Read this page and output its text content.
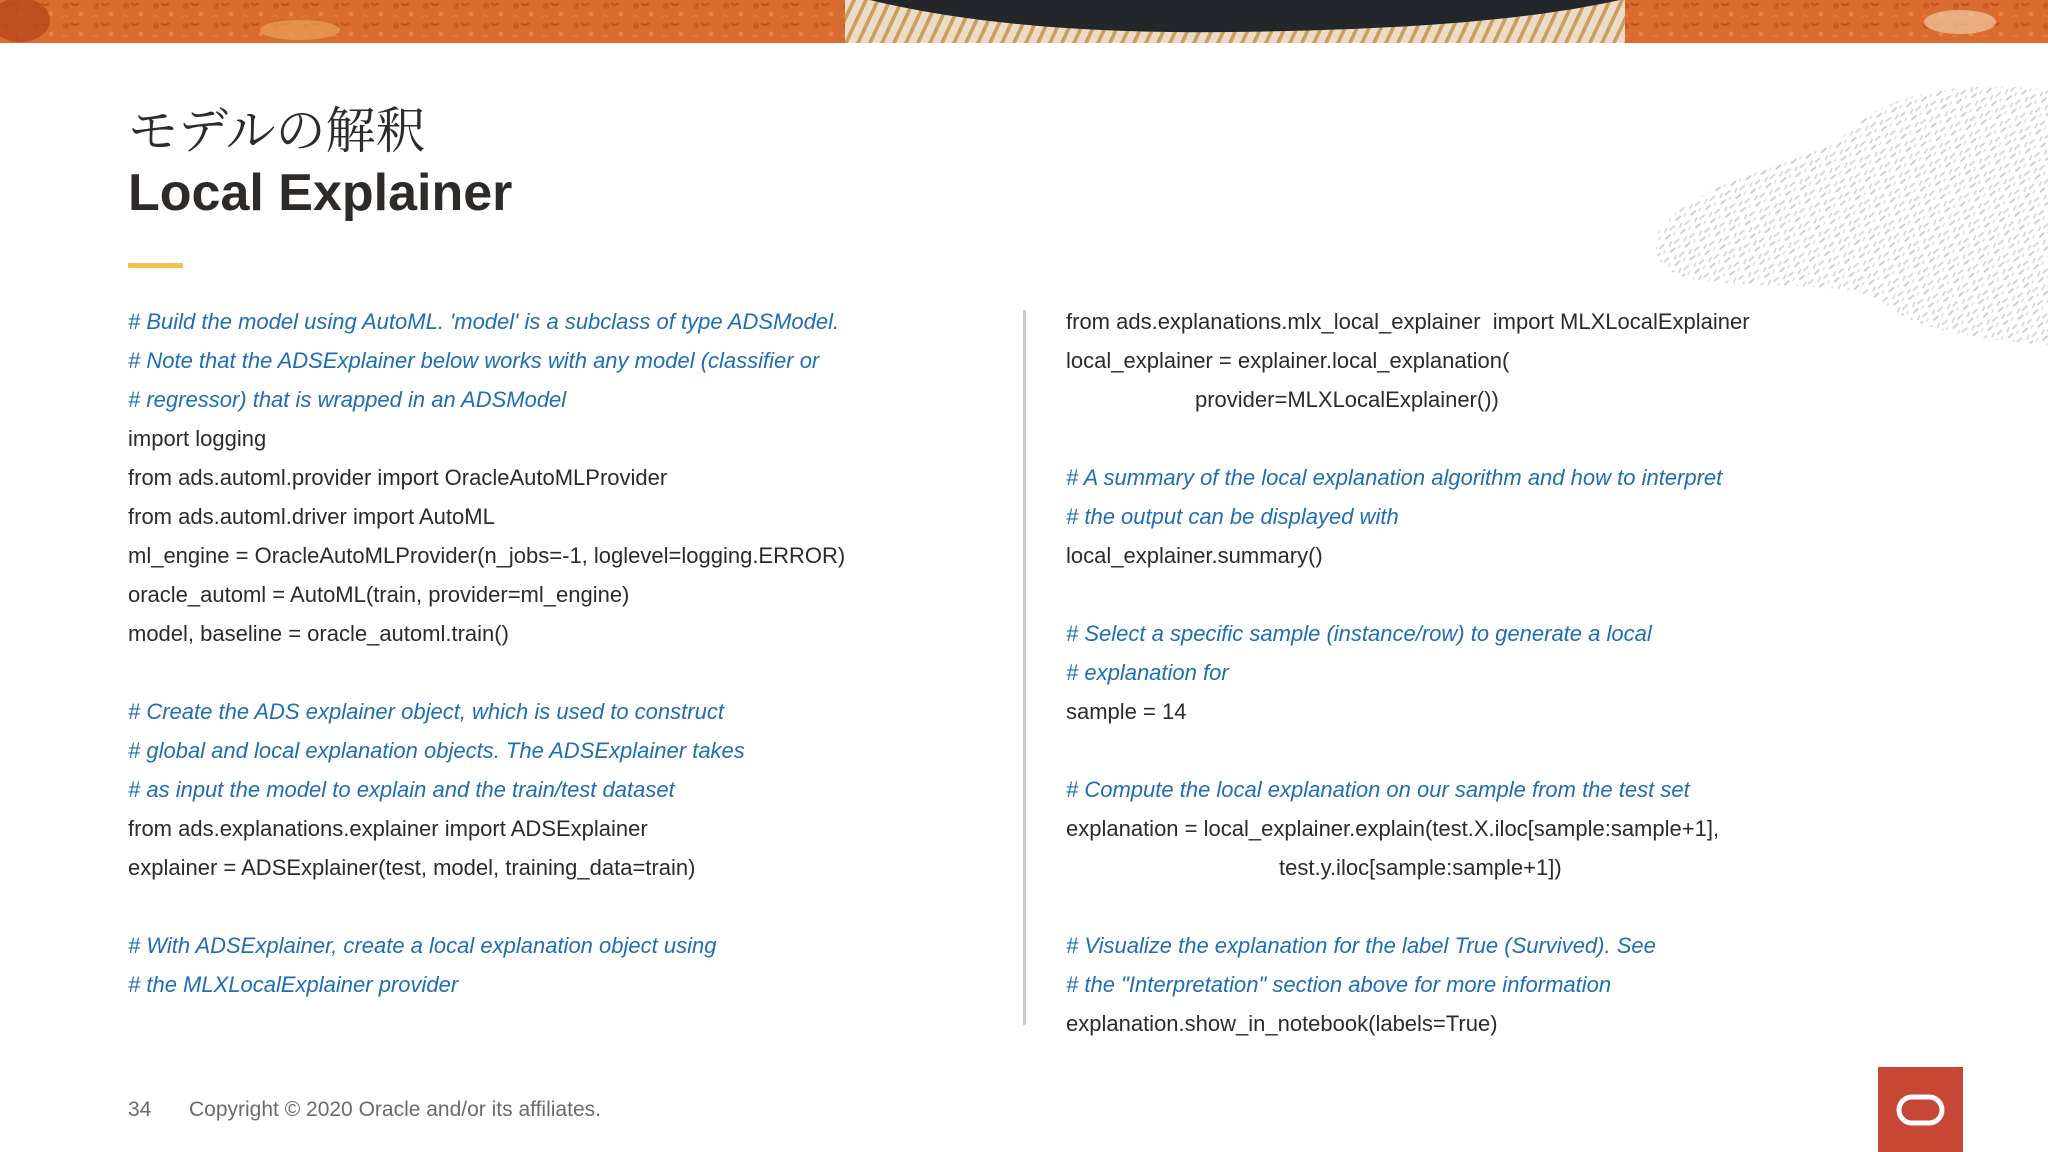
モデルの解釈
Local Explainer
# Build the model using AutoML. 'model' is a subclass of type ADSModel.
# Note that the ADSExplainer below works with any model (classifier or
# regressor) that is wrapped in an ADSModel
import logging
from ads.automl.provider import OracleAutoMLProvider
from ads.automl.driver import AutoML
ml_engine = OracleAutoMLProvider(n_jobs=-1, loglevel=logging.ERROR)
oracle_automl = AutoML(train, provider=ml_engine)
model, baseline = oracle_automl.train()
# Create the ADS explainer object, which is used to construct
# global and local explanation objects. The ADSExplainer takes
# as input the model to explain and the train/test dataset
from ads.explanations.explainer import ADSExplainer
explainer = ADSExplainer(test, model, training_data=train)
# With ADSExplainer, create a local explanation object using
# the MLXLocalExplainer provider
from ads.explanations.mlx_local_explainer  import MLXLocalExplainer
local_explainer = explainer.local_explanation(
provider=MLXLocalExplainer())
# A summary of the local explanation algorithm and how to interpret
# the output can be displayed with
local_explainer.summary()
# Select a specific sample (instance/row) to generate a local
# explanation for
sample = 14
# Compute the local explanation on our sample from the test set
explanation = local_explainer.explain(test.X.iloc[sample:sample+1],
test.y.iloc[sample:sample+1])
# Visualize the explanation for the label True (Survived). See
# the "Interpretation" section above for more information
explanation.show_in_notebook(labels=True)
34 Copyright © 2020 Oracle and/or its affiliates.
